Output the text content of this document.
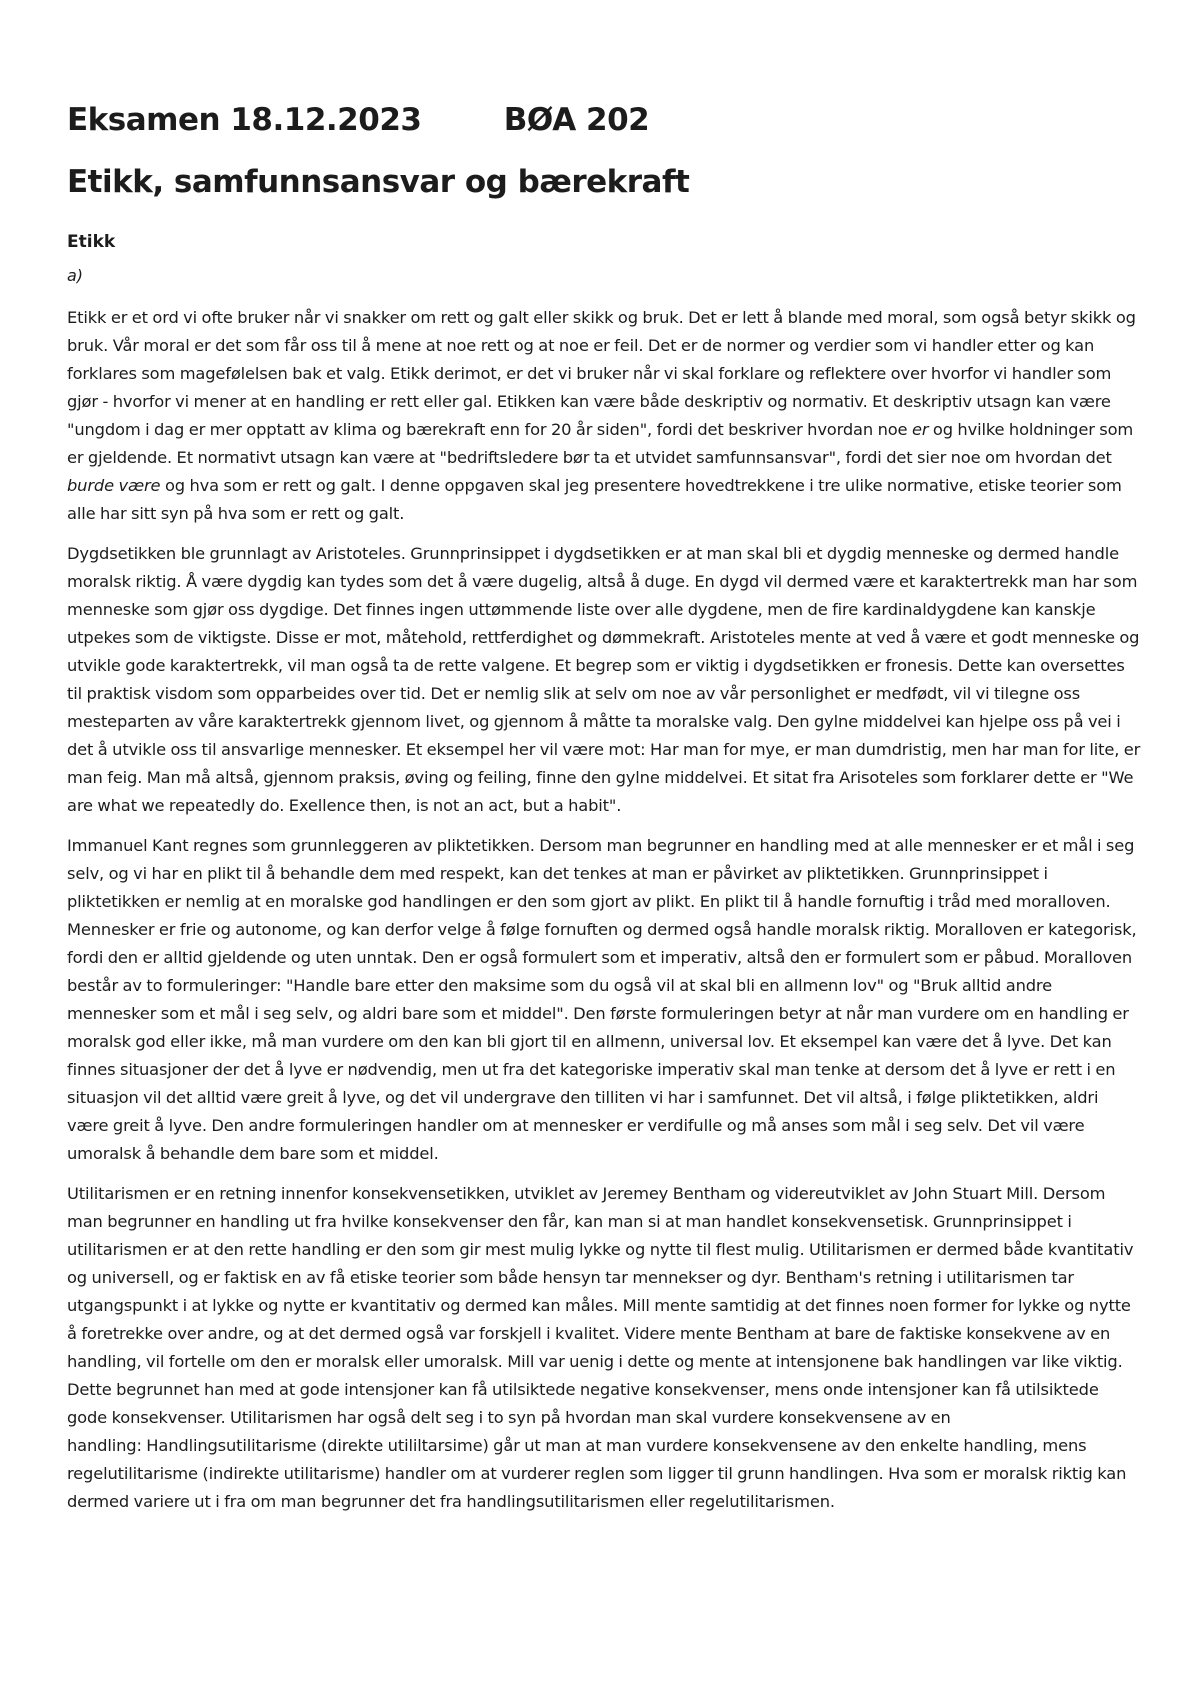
Eksamen 18.12.2023        BØA 202
Etikk, samfunnsansvar og bærekraft
Etikk
a)

Etikk er et ord vi ofte bruker når vi snakker om rett og galt eller skikk og bruk. Det er lett å blande med moral, som også betyr skikk og bruk. Vår moral er det som får oss til å mene at noe rett og at noe er feil. Det er de normer og verdier som vi handler etter og kan forklares som magefølelsen bak et valg. Etikk derimot, er det vi bruker når vi skal forklare og reflektere over hvorfor vi handler som gjør - hvorfor vi mener at en handling er rett eller gal. Etikken kan være både deskriptiv og normativ. Et deskriptiv utsagn kan være "ungdom i dag er mer opptatt av klima og bærekraft enn for 20 år siden", fordi det beskriver hvordan noe er og hvilke holdninger som er gjeldende. Et normativt utsagn kan være at "bedriftsledere bør ta et utvidet samfunnsansvar", fordi det sier noe om hvordan det burde være og hva som er rett og galt. I denne oppgaven skal jeg presentere hovedtrekkene i tre ulike normative, etiske teorier som alle har sitt syn på hva som er rett og galt.

Dygdsetikken ble grunnlagt av Aristoteles. Grunnprinsippet i dygdsetikken er at man skal bli et dygdig menneske og dermed handle moralsk riktig. Å være dygdig kan tydes som det å være dugelig, altså å duge. En dygd vil dermed være et karaktertrekk man har som menneske som gjør oss dygdige. Det finnes ingen uttømmende liste over alle dygdene, men de fire kardinaldygdene kan kanskje utpekes som de viktigste. Disse er mot, måtehold, rettferdighet og dømmekraft. Aristoteles mente at ved å være et godt menneske og utvikle gode karaktertrekk, vil man også ta de rette valgene. Et begrep som er viktig i dygdsetikken er fronesis. Dette kan oversettes til praktisk visdom som opparbeides over tid. Det er nemlig slik at selv om noe av vår personlighet er medfødt, vil vi tilegne oss mesteparten av våre karaktertrekk gjennom livet, og gjennom å måtte ta moralske valg. Den gylne middelvei kan hjelpe oss på vei i det å utvikle oss til ansvarlige mennesker. Et eksempel her vil være mot: Har man for mye, er man dumdristig, men har man for lite, er man feig. Man må altså, gjennom praksis, øving og feiling, finne den gylne middelvei. Et sitat fra Arisoteles som forklarer dette er "We are what we repeatedly do. Exellence then, is not an act, but a habit".

Immanuel Kant regnes som grunnleggeren av pliktetikken. Dersom man begrunner en handling med at alle mennesker er et mål i seg selv, og vi har en plikt til å behandle dem med respekt, kan det tenkes at man er påvirket av pliktetikken. Grunnprinsippet i pliktetikken er nemlig at en moralske god handlingen er den som gjort av plikt. En plikt til å handle fornuftig i tråd med moralloven. Mennesker er frie og autonome, og kan derfor velge å følge fornuften og dermed også handle moralsk riktig. Moralloven er kategorisk, fordi den er alltid gjeldende og uten unntak. Den er også formulert som et imperativ, altså den er formulert som er påbud. Moralloven består av to formuleringer: "Handle bare etter den maksime som du også vil at skal bli en allmenn lov" og "Bruk alltid andre mennesker som et mål i seg selv, og aldri bare som et middel". Den første formuleringen betyr at når man vurdere om en handling er moralsk god eller ikke, må man vurdere om den kan bli gjort til en allmenn, universal lov. Et eksempel kan være det å lyve. Det kan finnes situasjoner der det å lyve er nødvendig, men ut fra det kategoriske imperativ skal man tenke at dersom det å lyve er rett i en situasjon vil det alltid være greit å lyve, og det vil undergrave den tilliten vi har i samfunnet. Det vil altså, i følge pliktetikken, aldri være greit å lyve. Den andre formuleringen handler om at mennesker er verdifulle og må anses som mål i seg selv. Det vil være umoralsk å behandle dem bare som et middel.

Utilitarismen er en retning innenfor konsekvensetikken, utviklet av Jeremey Bentham og videreutviklet av John Stuart Mill. Dersom man begrunner en handling ut fra hvilke konsekvenser den får, kan man si at man handlet konsekvensetisk. Grunnprinsippet i utilitarismen er at den rette handling er den som gir mest mulig lykke og nytte til flest mulig. Utilitarismen er dermed både kvantitativ og universell, og er faktisk en av få etiske teorier som både hensyn tar mennekser og dyr. Bentham's retning i utilitarismen tar utgangspunkt i at lykke og nytte er kvantitativ og dermed kan måles. Mill mente samtidig at det finnes noen former for lykke og nytte å foretrekke over andre, og at det dermed også var forskjell i kvalitet. Videre mente Bentham at bare de faktiske konsekvene av en handling, vil fortelle om den er moralsk eller umoralsk. Mill var uenig i dette og mente at intensjonene bak handlingen var like viktig. Dette begrunnet han med at gode intensjoner kan få utilsiktede negative konsekvenser, mens onde intensjoner kan få utilsiktede gode konsekvenser. Utilitarismen har også delt seg i to syn på hvordan man skal vurdere konsekvensene av en
handling: Handlingsutilitarisme (direkte utililtarsime) går ut man at man vurdere konsekvensene av den enkelte handling, mens regelutilitarisme (indirekte utilitarisme) handler om at vurderer reglen som ligger til grunn handlingen. Hva som er moralsk riktig kan dermed variere ut i fra om man begrunner det fra handlingsutilitarismen eller regelutilitarismen.
